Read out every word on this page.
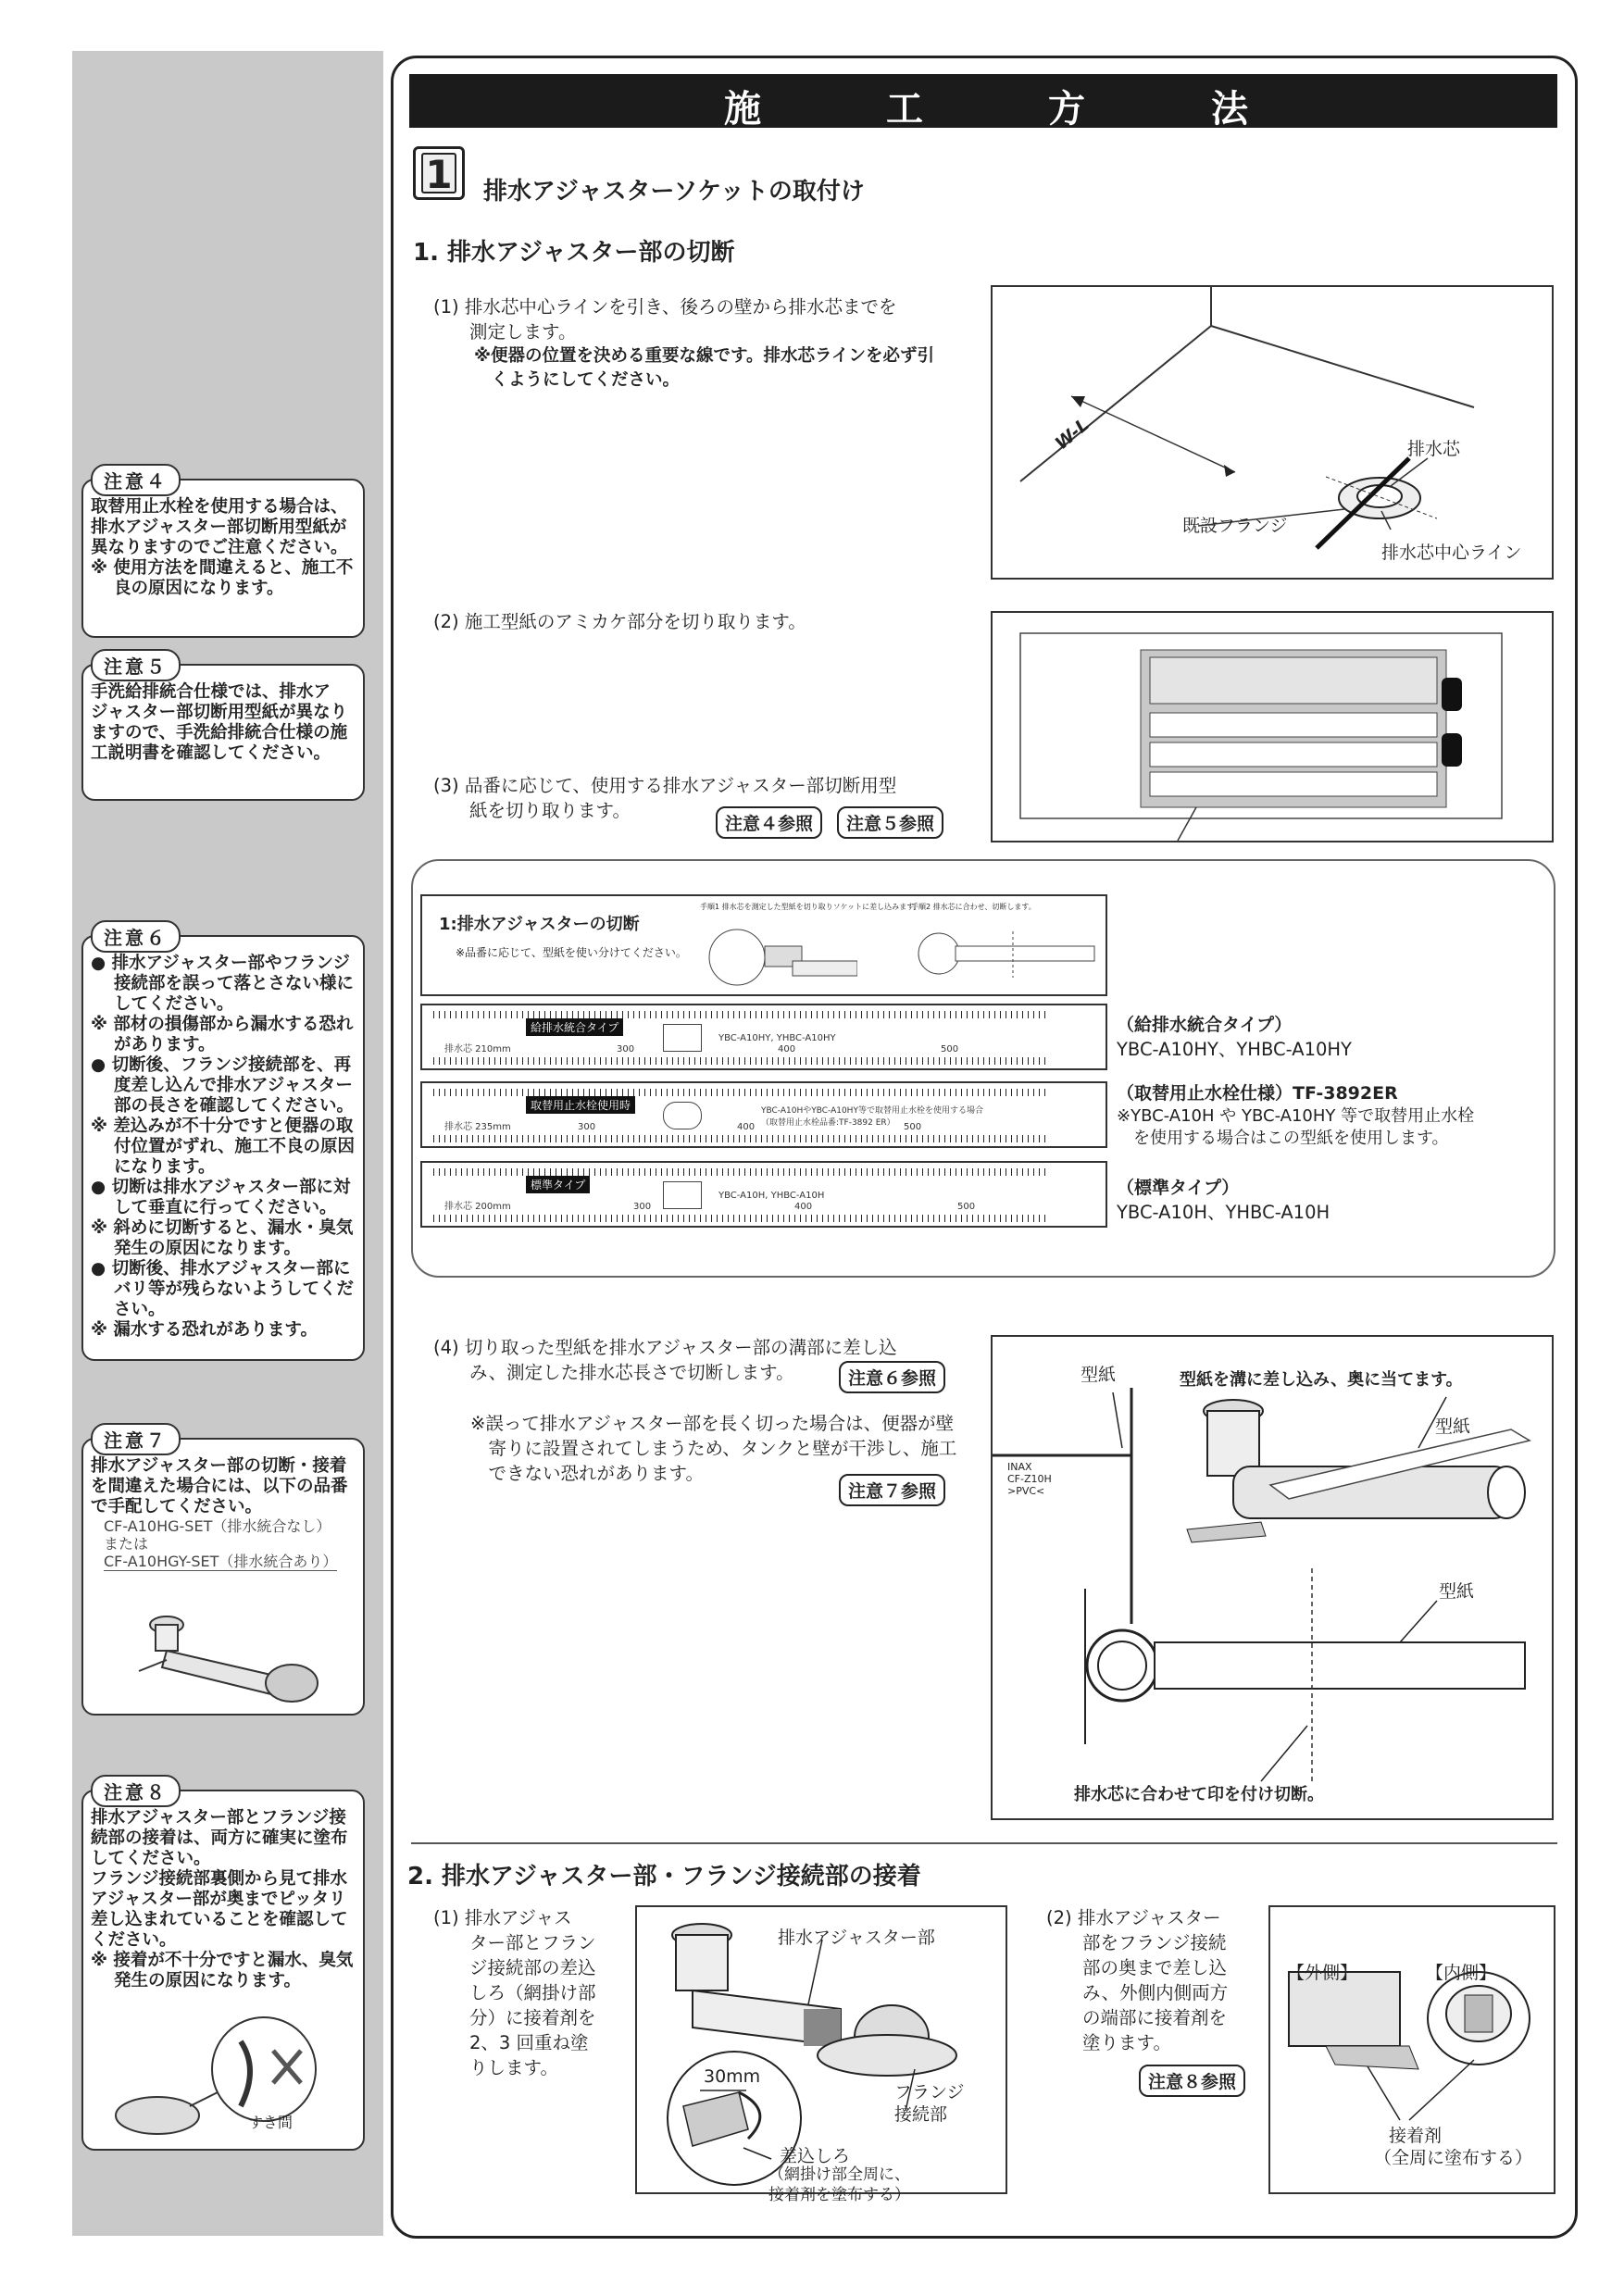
注意４
取替用止水栓を使用する場合は、
排水アジャスター部切断用型紙が
異なりますのでご注意ください。
※ 使用方法を間違えると、施工不
　 良の原因になります。
注意５
手洗給排統合仕様では、排水ア
ジャスター部切断用型紙が異なり
ますので、手洗給排統合仕様の施
工説明書を確認してください。
注意６
● 排水アジャスター部やフランジ
　 接続部を誤って落とさない様に
　 してください。
※ 部材の損傷部から漏水する恐れ
　 があります。
● 切断後、フランジ接続部を、再
　 度差し込んで排水アジャスター
　 部の長さを確認してください。
※ 差込みが不十分ですと便器の取
　 付位置がずれ、施工不良の原因
　 になります。
● 切断は排水アジャスター部に対
　 して垂直に行ってください。
※ 斜めに切断すると、漏水・臭気
　 発生の原因になります。
● 切断後、排水アジャスター部に
　 バリ等が残らないようしてくだ
　 さい。
※ 漏水する恐れがあります。
注意７
排水アジャスター部の切断・接着
を間違えた場合には、以下の品番
で手配してください。
CF-A10HG-SET（排水統合なし）
または
CF-A10HGY-SET（排水統合あり）
注意８
排水アジャスター部とフランジ接
続部の接着は、両方に確実に塗布
してください。
フランジ接続部裏側から見て排水
アジャスター部が奥までピッタリ
差し込まれていることを確認して
ください。
※ 接着が不十分ですと漏水、臭気
　 発生の原因になります。
すき間
施	工	方	法
1 排水アジャスターソケットの取付け
1. 排水アジャスター部の切断
(1) 排水芯中心ラインを引き、後ろの壁から排水芯までを
　　測定します。
※便器の位置を決める重要な線です。排水芯ラインを必ず引
　くようにしてください。
W-L	排水芯
既設フランジ
排水芯中心ライン
(2) 施工型紙のアミカケ部分を切り取ります。
(3) 品番に応じて、使用する排水アジャスター部切断用型
　　紙を切り取ります。
注意４参照	注意５参照
1:排水アジャスターの切断
※品番に応じて、型紙を使い分けてください。
手順1 排水芯を測定した型紙を切り取りソケットに差し込みます。
手順2 排水芯に合わせ、切断します。
給排水統合タイプ
排水芯 210mm
YBC-A10HY, YHBC-A10HY
300	400	500
取替用止水栓使用時
排水芯 235mm
YBC-A10HやYBC-A10HY等で取替用止水栓を使用する場合
（取替用止水栓品番:TF-3892 ER）
300	400	500
標準タイプ
排水芯 200mm
YBC-A10H, YHBC-A10H
300	400	500
（給排水統合タイプ）
YBC-A10HY、YHBC-A10HY
（取替用止水栓仕様）TF-3892ER
※YBC-A10H や YBC-A10HY 等で取替用止水栓
　を使用する場合はこの型紙を使用します。
（標準タイプ）
YBC-A10H、YHBC-A10H
(4) 切り取った型紙を排水アジャスター部の溝部に差し込
　　み、測定した排水芯長さで切断します。	注意６参照
※誤って排水アジャスター部を長く切った場合は、便器が壁
　寄りに設置されてしまうため、タンクと壁が干渉し、施工
　できない恐れがあります。
注意７参照
型紙	型紙を溝に差し込み、奥に当てます。
型紙
INAX
CF-Z10H
>PVC<
型紙
排水芯に合わせて印を付け切断。
2. 排水アジャスター部・フランジ接続部の接着
(1) 排水アジャス
　　ター部とフラン
　　ジ接続部の差込
　　しろ（網掛け部
　　分）に接着剤を
　　2、3 回重ね塗
　　りします。
排水アジャスター部
30mm
フランジ
接続部
差込しろ
（網掛け部全周に、
接着剤を塗布する）
(2) 排水アジャスター
　　部をフランジ接続
　　部の奥まで差し込
　　み、外側内側両方
　　の端部に接着剤を
　　塗ります。
注意８参照
【外側】	【内側】
接着剤
（全周に塗布する）
